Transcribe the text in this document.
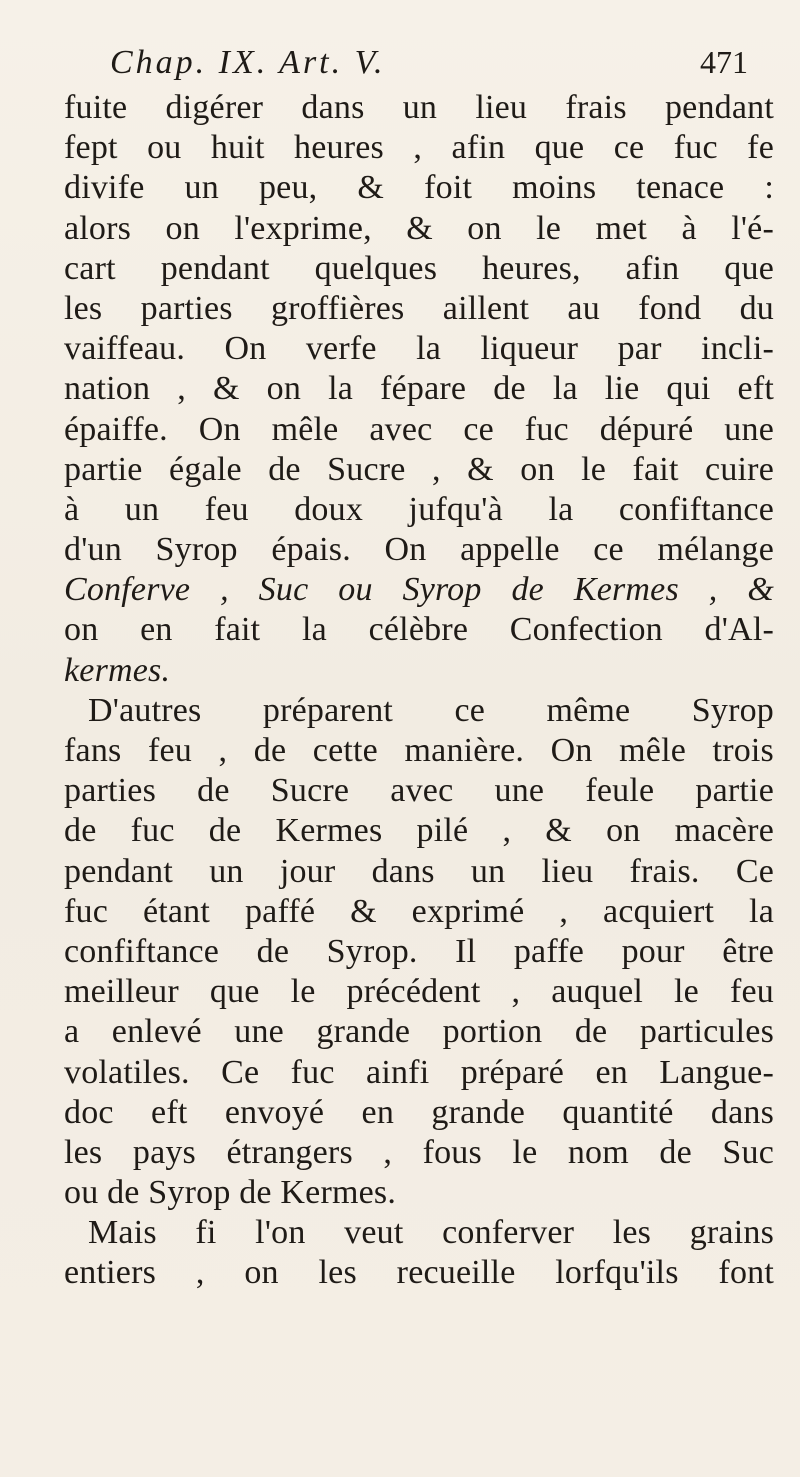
Chap. IX. Art. V.	471
fuite digérer dans un lieu frais pendant
fept ou huit heures , afin que ce fuc fe
divife un peu, & foit moins tenace :
alors on l'exprime, & on le met à l'é-
cart pendant quelques heures, afin que
les parties groffières aillent au fond du
vaiffeau. On verfe la liqueur par incli-
nation , & on la fépare de la lie qui eft
épaiffe. On mêle avec ce fuc dépuré une
partie égale de Sucre , & on le fait cuire
à un feu doux jufqu'à la confiftance
d'un Syrop épais. On appelle ce mélange
Conferve , Suc ou Syrop de Kermes , &
on en fait la célèbre Confection d'Al-
kermes.
D'autres préparent ce même Syrop
fans feu , de cette manière. On mêle trois
parties de Sucre avec une feule partie
de fuc de Kermes pilé , & on macère
pendant un jour dans un lieu frais. Ce
fuc étant paffé & exprimé , acquiert la
confiftance de Syrop. Il paffe pour être
meilleur que le précédent , auquel le feu
a enlevé une grande portion de particules
volatiles. Ce fuc ainfi préparé en Langue-
doc eft envoyé en grande quantité dans
les pays étrangers , fous le nom de Suc
ou de Syrop de Kermes.
Mais fi l'on veut conferver les grains
entiers , on les recueille lorfqu'ils font
